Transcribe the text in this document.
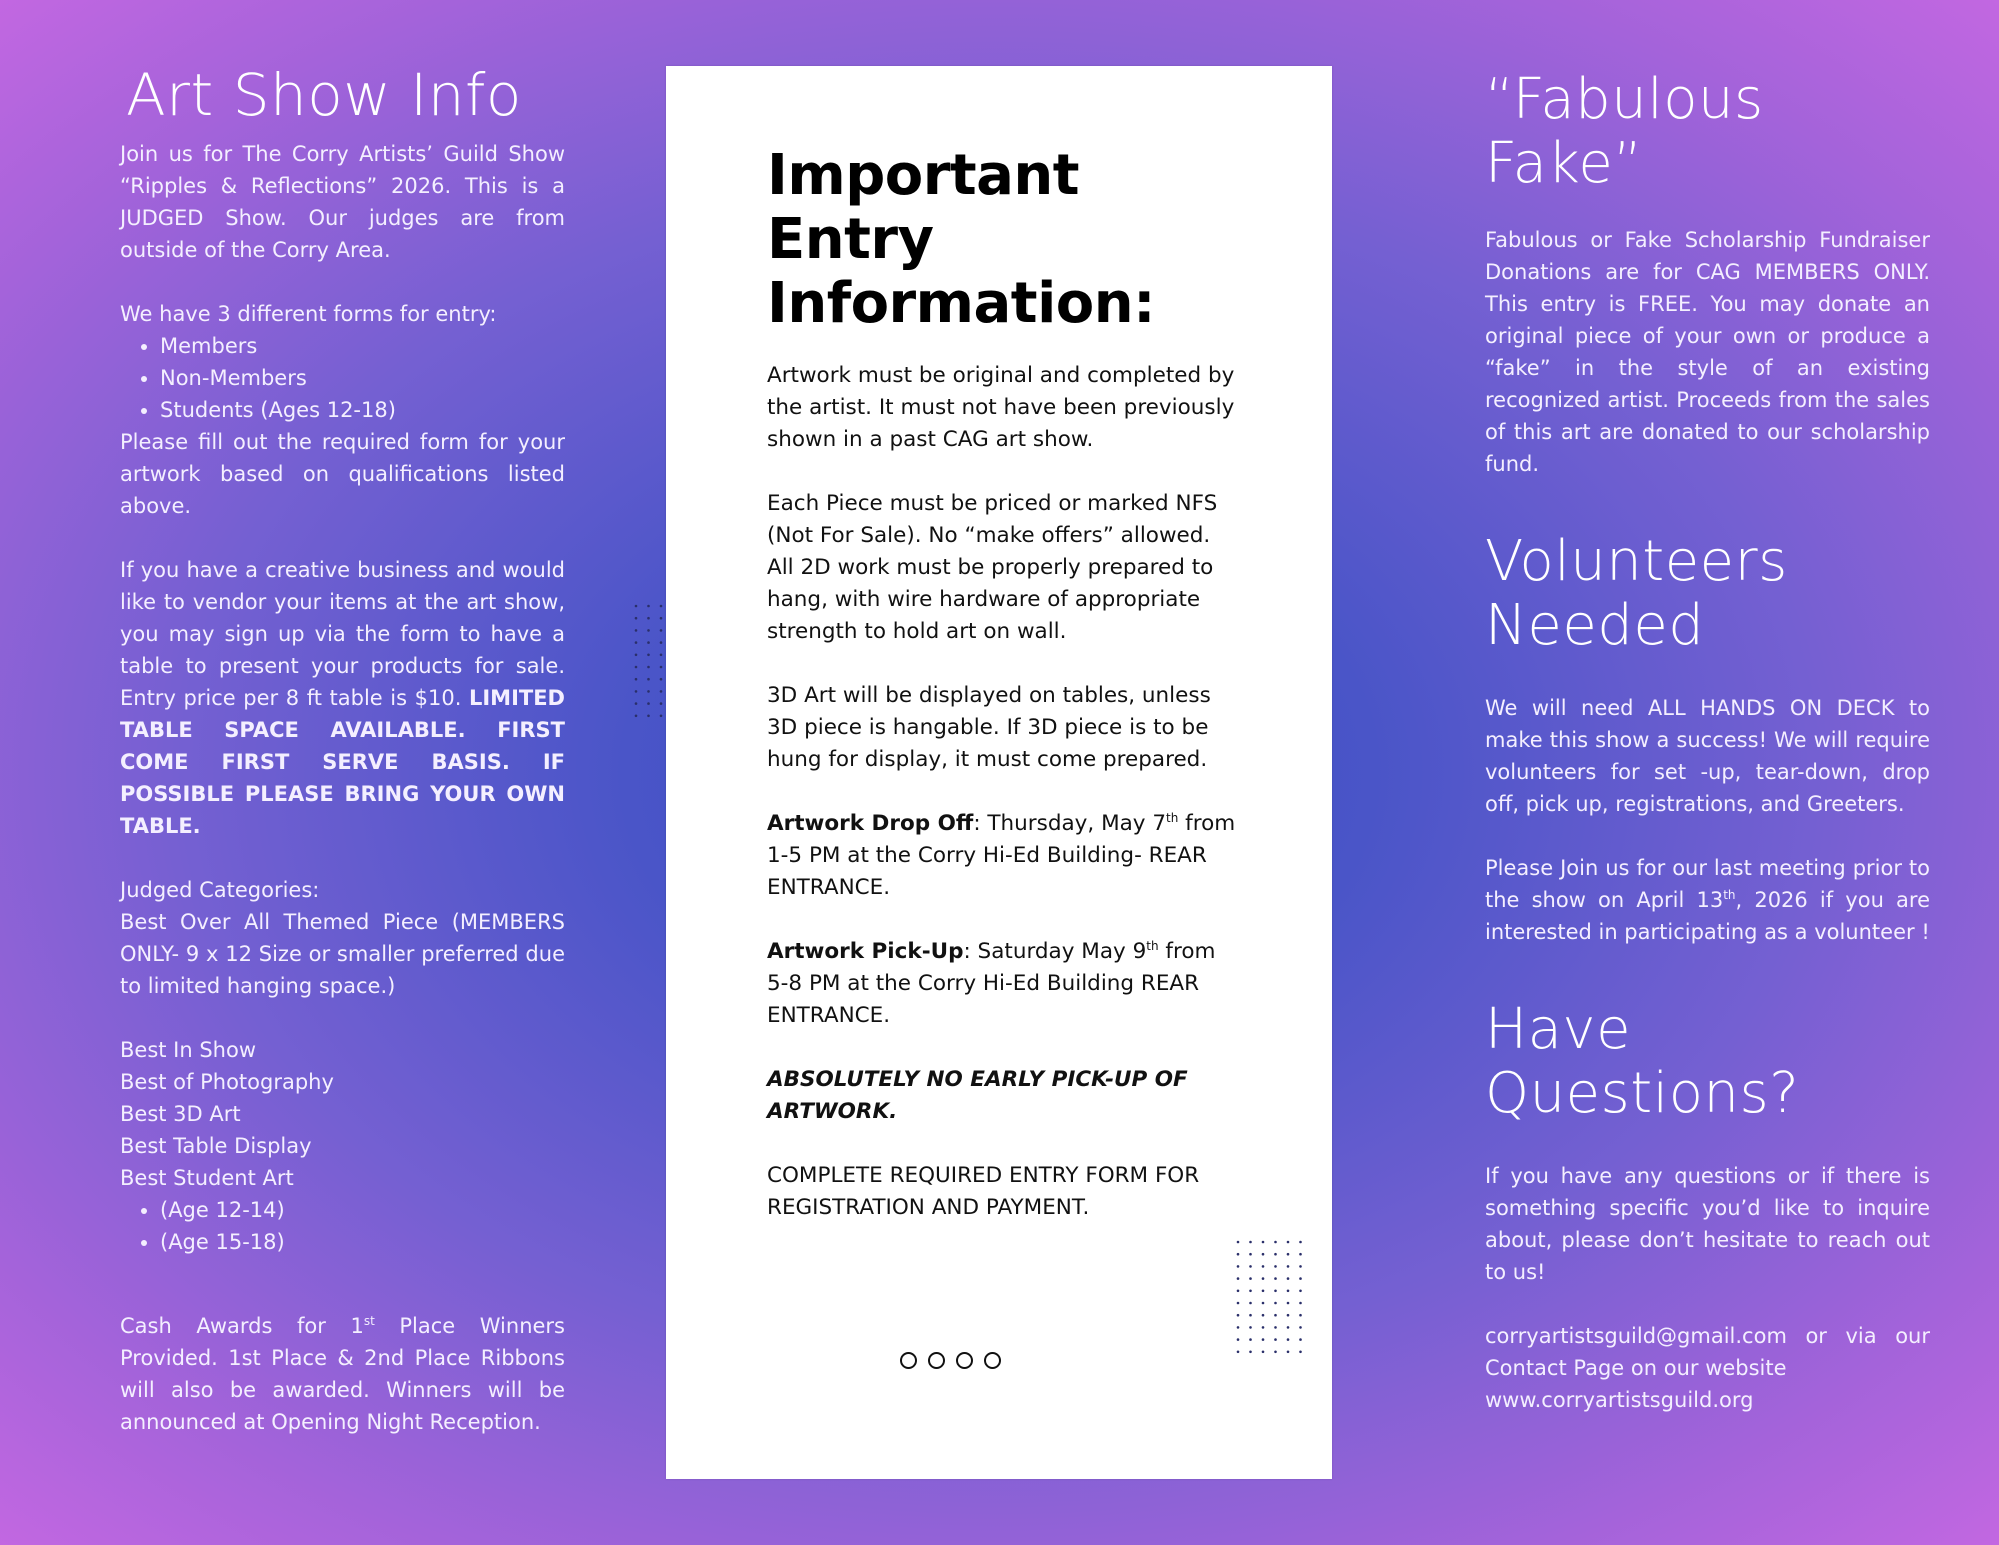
Art Show Info

Join us for The Corry Artists’ Guild Show “Ripples & Reflections” 2026. This is a JUDGED Show. Our judges are from outside of the Corry Area.

We have 3 different forms for entry:

• Members
• Non-Members
• Students (Ages 12-18)

Please fill out the required form for your artwork based on qualifications listed above.

If you have a creative business and would like to vendor your items at the art show, you may sign up via the form to have a table to present your products for sale. Entry price per 8 ft table is $10. LIMITED TABLE SPACE AVAILABLE. FIRST COME FIRST SERVE BASIS. IF POSSIBLE PLEASE BRING YOUR OWN TABLE.

Judged Categories:

Best Over All Themed Piece (MEMBERS ONLY- 9 x 12 Size or smaller preferred due to limited hanging space.)

Best In Show

Best of Photography

Best 3D Art

Best Table Display

Best Student Art

• (Age 12-14)
• (Age 15-18)

Cash Awards for 1st Place Winners Provided. 1st Place & 2nd Place Ribbons will also be awarded. Winners will be announced at Opening Night Reception.

Important Entry Information:

Artwork must be original and completed by the artist. It must not have been previously shown in a past CAG art show.

Each Piece must be priced or marked NFS (Not For Sale). No “make offers” allowed. All 2D work must be properly prepared to hang, with wire hardware of appropriate strength to hold art on wall.

3D Art will be displayed on tables, unless 3D piece is hangable. If 3D piece is to be hung for display, it must come prepared.

Artwork Drop Off: Thursday, May 7th from 1-5 PM at the Corry Hi-Ed Building- REAR ENTRANCE.

Artwork Pick-Up: Saturday May 9th from 5-8 PM at the Corry Hi-Ed Building REAR ENTRANCE.

ABSOLUTELY NO EARLY PICK-UP OF ARTWORK.

COMPLETE REQUIRED ENTRY FORM FOR REGISTRATION AND PAYMENT.

“Fabulous Fake”

Fabulous or Fake Scholarship Fundraiser Donations are for CAG MEMBERS ONLY. This entry is FREE. You may donate an original piece of your own or produce a “fake” in the style of an existing recognized artist. Proceeds from the sales of this art are donated to our scholarship fund.

Volunteers Needed

We will need ALL HANDS ON DECK to make this show a success! We will require volunteers for set -up, tear-down, drop off, pick up, registrations, and Greeters.

Please Join us for our last meeting prior to the show on April 13th, 2026 if you are interested in participating as a volunteer !

Have Questions?

If you have any questions or if there is something specific you’d like to inquire about, please don’t hesitate to reach out to us!

corryartistsguild@gmail.com or via our Contact Page on our website

www.corryartistsguild.org
